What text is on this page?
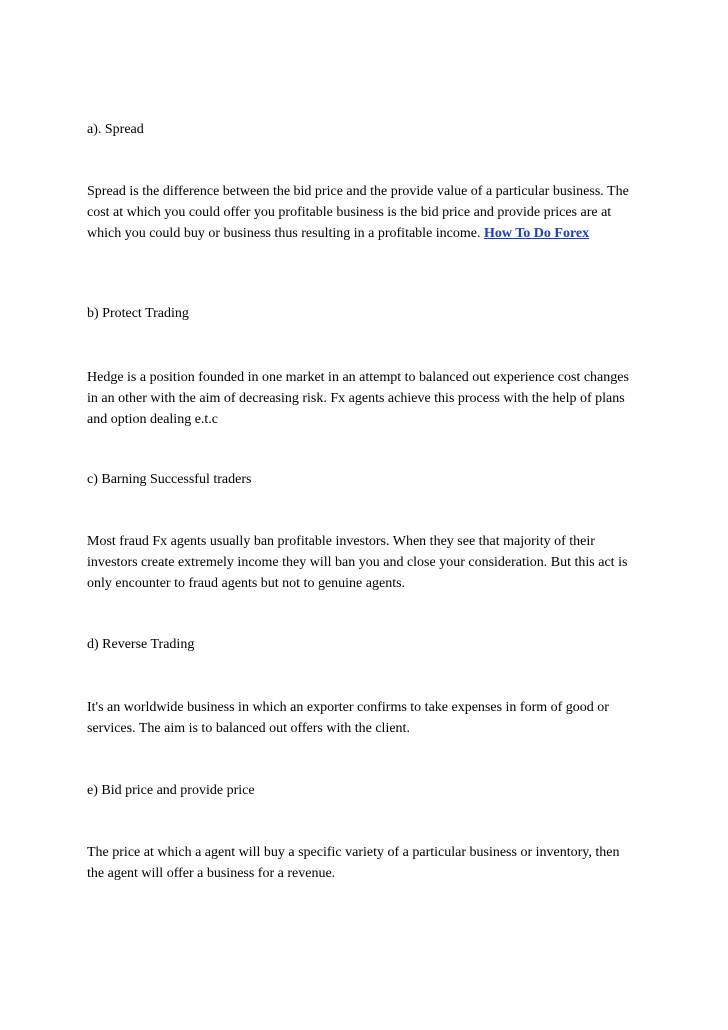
a). Spread

Spread is the difference between the bid price and the provide value of a particular business. The cost at which you could offer you profitable business is the bid price and provide prices are at which you could buy or business thus resulting in a profitable income. How To Do Forex

b) Protect Trading

Hedge is a position founded in one market in an attempt to balanced out experience cost changes in an other with the aim of decreasing risk. Fx agents achieve this process with the help of plans and option dealing e.t.c

c) Barning Successful traders

Most fraud Fx agents usually ban profitable investors. When they see that majority of their investors create extremely income they will ban you and close your consideration. But this act is only encounter to fraud agents but not to genuine agents.

d) Reverse Trading

It's an worldwide business in which an exporter confirms to take expenses in form of good or services. The aim is to balanced out offers with the client.

e) Bid price and provide price

The price at which a agent will buy a specific variety of a particular business or inventory, then the agent will offer a business for a revenue.
